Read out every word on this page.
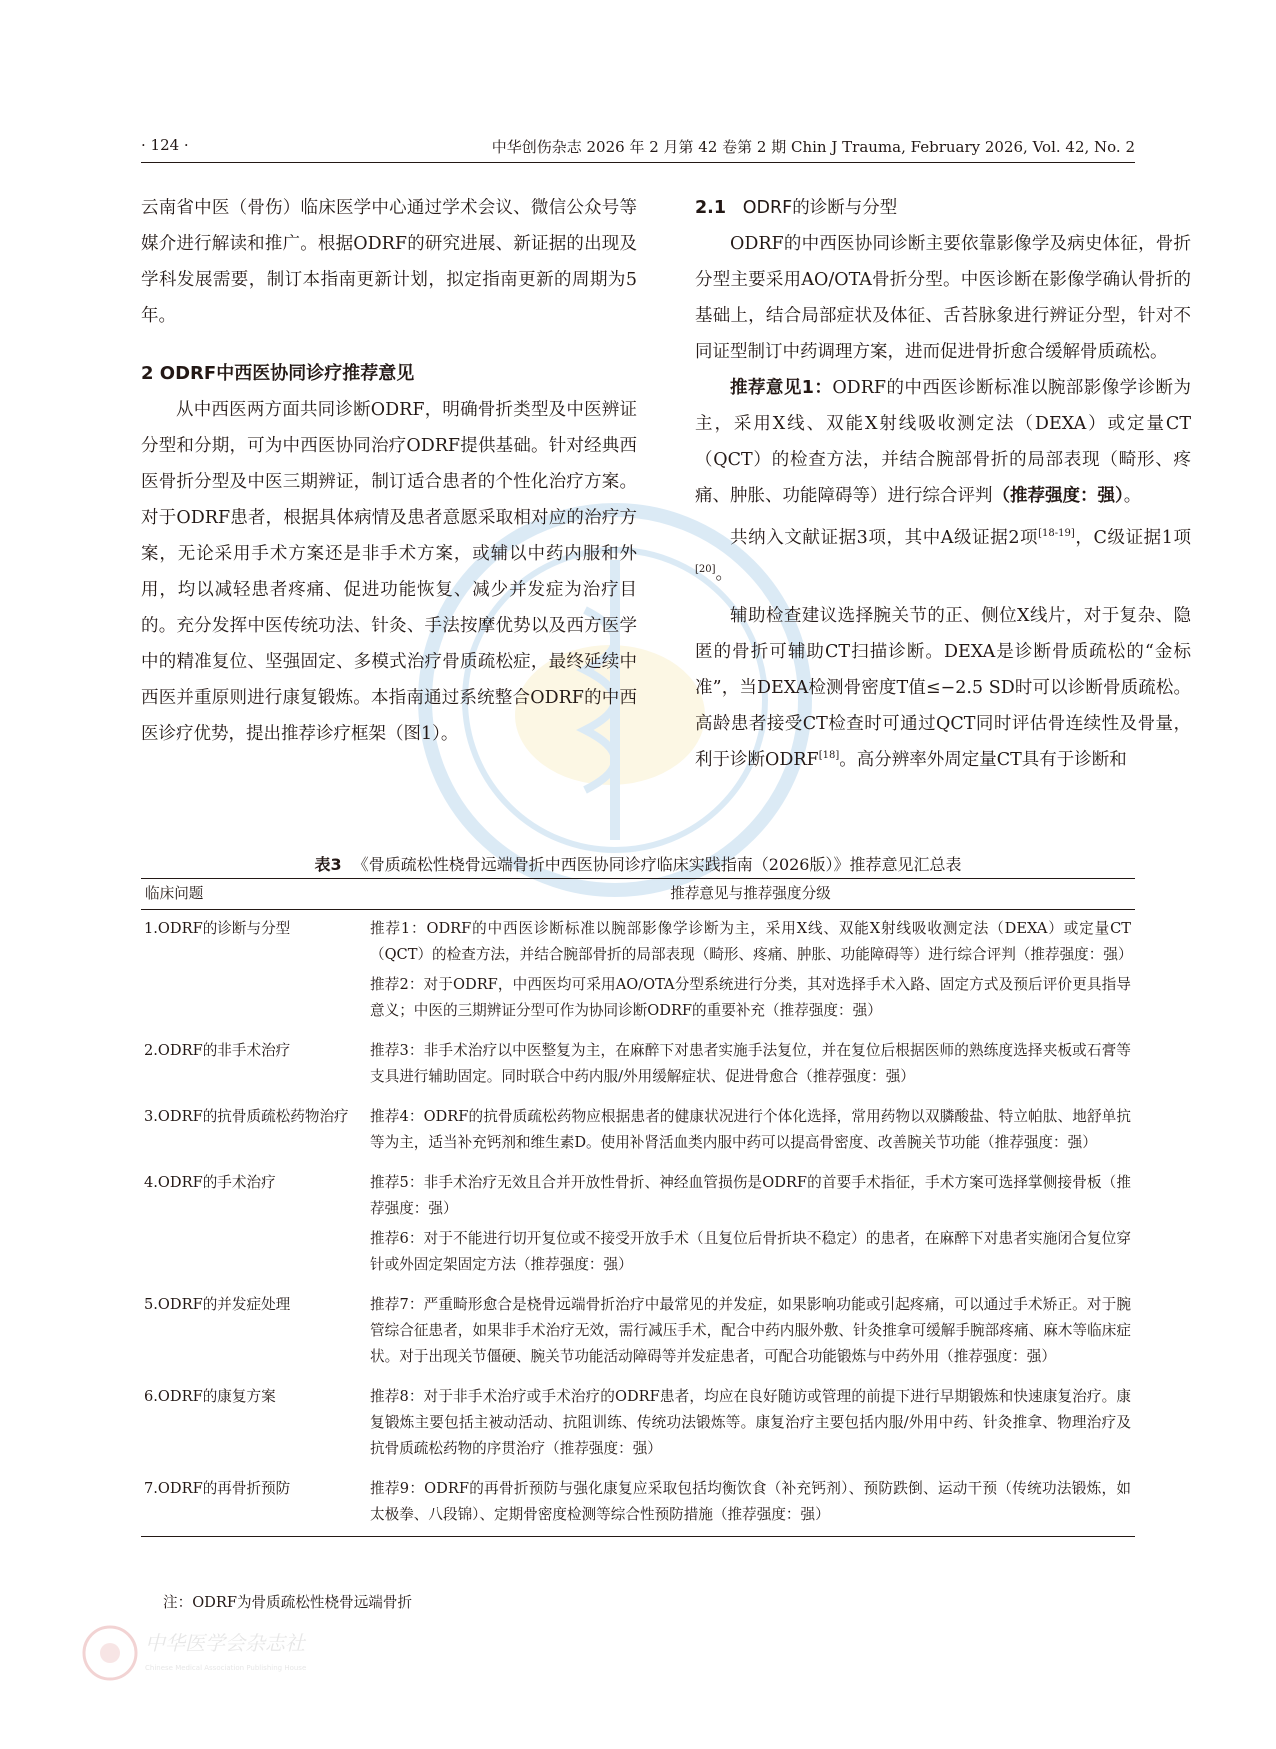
· 124 ·	中华创伤杂志 2026 年 2 月第 42 卷第 2 期 Chin J Trauma, February 2026, Vol. 42, No. 2

云南省中医（骨伤）临床医学中心通过学术会议、微信公众号等媒介进行解读和推广。根据ODRF的研究进展、新证据的出现及学科发展需要，制订本指南更新计划，拟定指南更新的周期为5年。

2 ODRF中西医协同诊疗推荐意见

从中西医两方面共同诊断ODRF，明确骨折类型及中医辨证分型和分期，可为中西医协同治疗ODRF提供基础。针对经典西医骨折分型及中医三期辨证，制订适合患者的个性化治疗方案。对于ODRF患者，根据具体病情及患者意愿采取相对应的治疗方案，无论采用手术方案还是非手术方案，或辅以中药内服和外用，均以减轻患者疼痛、促进功能恢复、减少并发症为治疗目的。充分发挥中医传统功法、针灸、手法按摩优势以及西方医学中的精准复位、坚强固定、多模式治疗骨质疏松症，最终延续中西医并重原则进行康复锻炼。本指南通过系统整合ODRF的中西医诊疗优势，提出推荐诊疗框架（图1）。

2.1 ODRF的诊断与分型

ODRF的中西医协同诊断主要依靠影像学及病史体征，骨折分型主要采用AO/OTA骨折分型。中医诊断在影像学确认骨折的基础上，结合局部症状及体征、舌苔脉象进行辨证分型，针对不同证型制订中药调理方案，进而促进骨折愈合缓解骨质疏松。

推荐意见1：ODRF的中西医诊断标准以腕部影像学诊断为主，采用X线、双能X射线吸收测定法（DEXA）或定量CT（QCT）的检查方法，并结合腕部骨折的局部表现（畸形、疼痛、肿胀、功能障碍等）进行综合评判（推荐强度：强）。

共纳入文献证据3项，其中A级证据2项[18-19]，C级证据1项[20]。

辅助检查建议选择腕关节的正、侧位X线片，对于复杂、隐匿的骨折可辅助CT扫描诊断。DEXA是诊断骨质疏松的“金标准”，当DEXA检测骨密度T值≤−2.5 SD时可以诊断骨质疏松。高龄患者接受CT检查时可通过QCT同时评估骨连续性及骨量，利于诊断ODRF[18]。高分辨率外周定量CT具有于诊断和

表3 《骨质疏松性桡骨远端骨折中西医协同诊疗临床实践指南（2026版）》推荐意见汇总表
临床问题	推荐意见与推荐强度分级
1.ODRF的诊断与分型	推荐1：ODRF的中西医诊断标准以腕部影像学诊断为主，采用X线、双能X射线吸收测定法（DEXA）或定量CT（QCT）的检查方法，并结合腕部骨折的局部表现（畸形、疼痛、肿胀、功能障碍等）进行综合评判（推荐强度：强）
推荐2：对于ODRF，中西医均可采用AO/OTA分型系统进行分类，其对选择手术入路、固定方式及预后评价更具指导意义；中医的三期辨证分型可作为协同诊断ODRF的重要补充（推荐强度：强）

2.ODRF的非手术治疗	推荐3：非手术治疗以中医整复为主，在麻醉下对患者实施手法复位，并在复位后根据医师的熟练度选择夹板或石膏等支具进行辅助固定。同时联合中药内服/外用缓解症状、促进骨愈合（推荐强度：强）

3.ODRF的抗骨质疏松药物治疗	推荐4：ODRF的抗骨质疏松药物应根据患者的健康状况进行个体化选择，常用药物以双膦酸盐、特立帕肽、地舒单抗等为主，适当补充钙剂和维生素D。使用补肾活血类内服中药可以提高骨密度、改善腕关节功能（推荐强度：强）

4.ODRF的手术治疗	推荐5：非手术治疗无效且合并开放性骨折、神经血管损伤是ODRF的首要手术指征，手术方案可选择掌侧接骨板（推荐强度：强）
推荐6：对于不能进行切开复位或不接受开放手术（且复位后骨折块不稳定）的患者，在麻醉下对患者实施闭合复位穿针或外固定架固定方法（推荐强度：强）

5.ODRF的并发症处理	推荐7：严重畸形愈合是桡骨远端骨折治疗中最常见的并发症，如果影响功能或引起疼痛，可以通过手术矫正。对于腕管综合征患者，如果非手术治疗无效，需行减压手术，配合中药内服外敷、针灸推拿可缓解手腕部疼痛、麻木等临床症状。对于出现关节僵硬、腕关节功能活动障碍等并发症患者，可配合功能锻炼与中药外用（推荐强度：强）

6.ODRF的康复方案	推荐8：对于非手术治疗或手术治疗的ODRF患者，均应在良好随访或管理的前提下进行早期锻炼和快速康复治疗。康复锻炼主要包括主被动活动、抗阻训练、传统功法锻炼等。康复治疗主要包括内服/外用中药、针灸推拿、物理治疗及抗骨质疏松药物的序贯治疗（推荐强度：强）

7.ODRF的再骨折预防	推荐9：ODRF的再骨折预防与强化康复应采取包括均衡饮食（补充钙剂）、预防跌倒、运动干预（传统功法锻炼，如太极拳、八段锦）、定期骨密度检测等综合性预防措施（推荐强度：强）
注：ODRF为骨质疏松性桡骨远端骨折
中华医学会杂志社
Chinese Medical Association Publishing House
